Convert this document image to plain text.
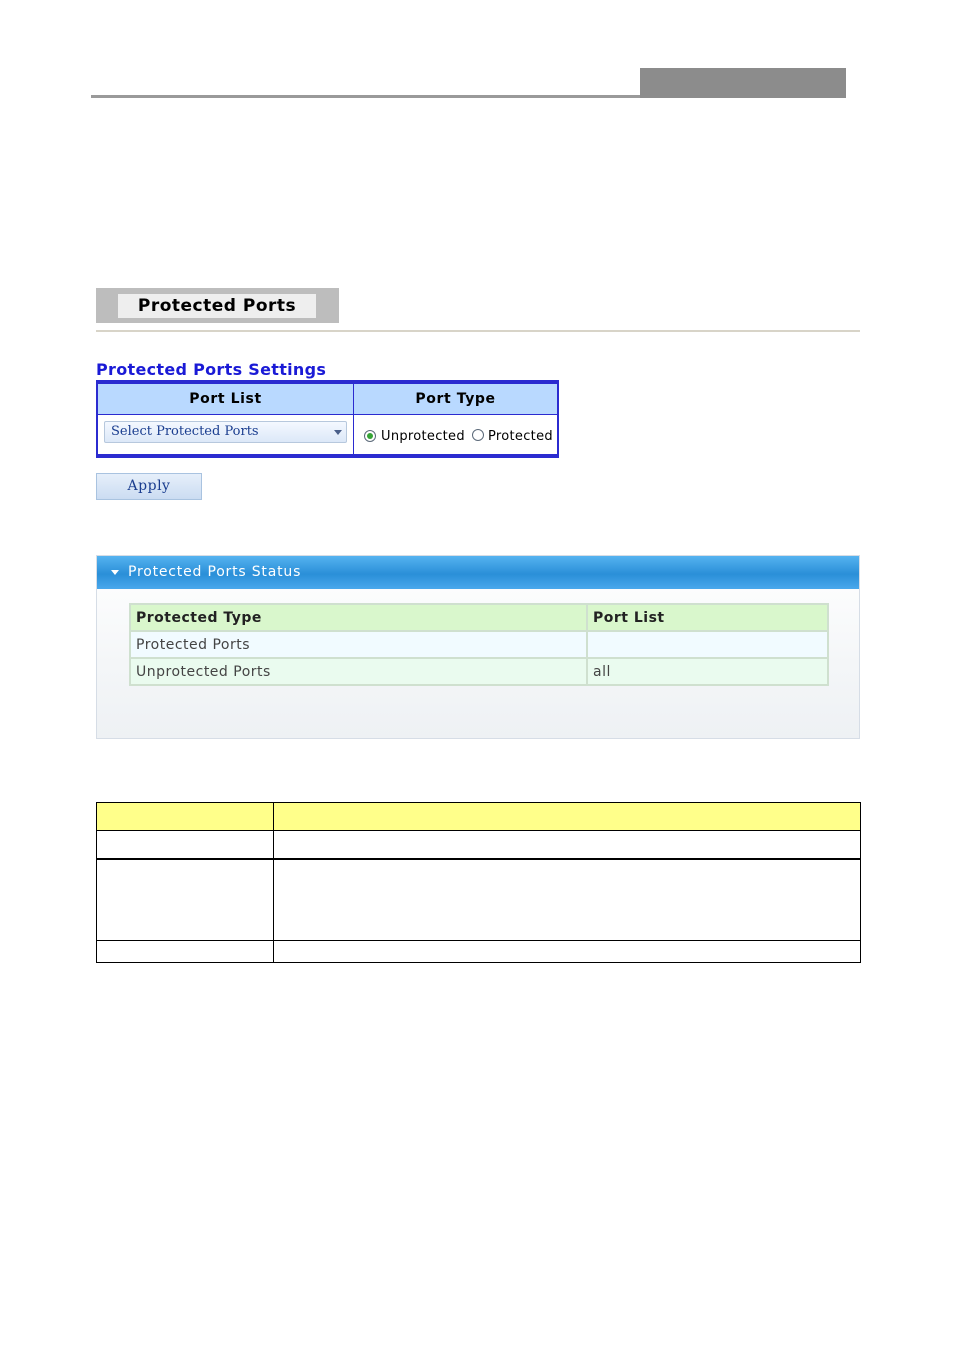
Protected Ports
Protected Ports Settings
Port List	Port Type
Select Protected Ports	Unprotected Protected
Apply
Protected Ports Status
Protected Type	Port List
Protected Ports	
Unprotected Ports	all
